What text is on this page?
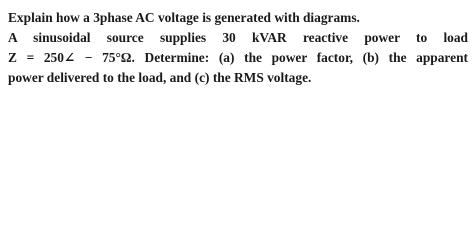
Explain how a 3phase AC voltage is generated with diagrams.
A sinusoidal source supplies 30 kVAR reactive power to load
Z = 250∠ − 75°Ω. Determine: (a) the power factor, (b) the apparent
power delivered to the load, and (c) the RMS voltage.
